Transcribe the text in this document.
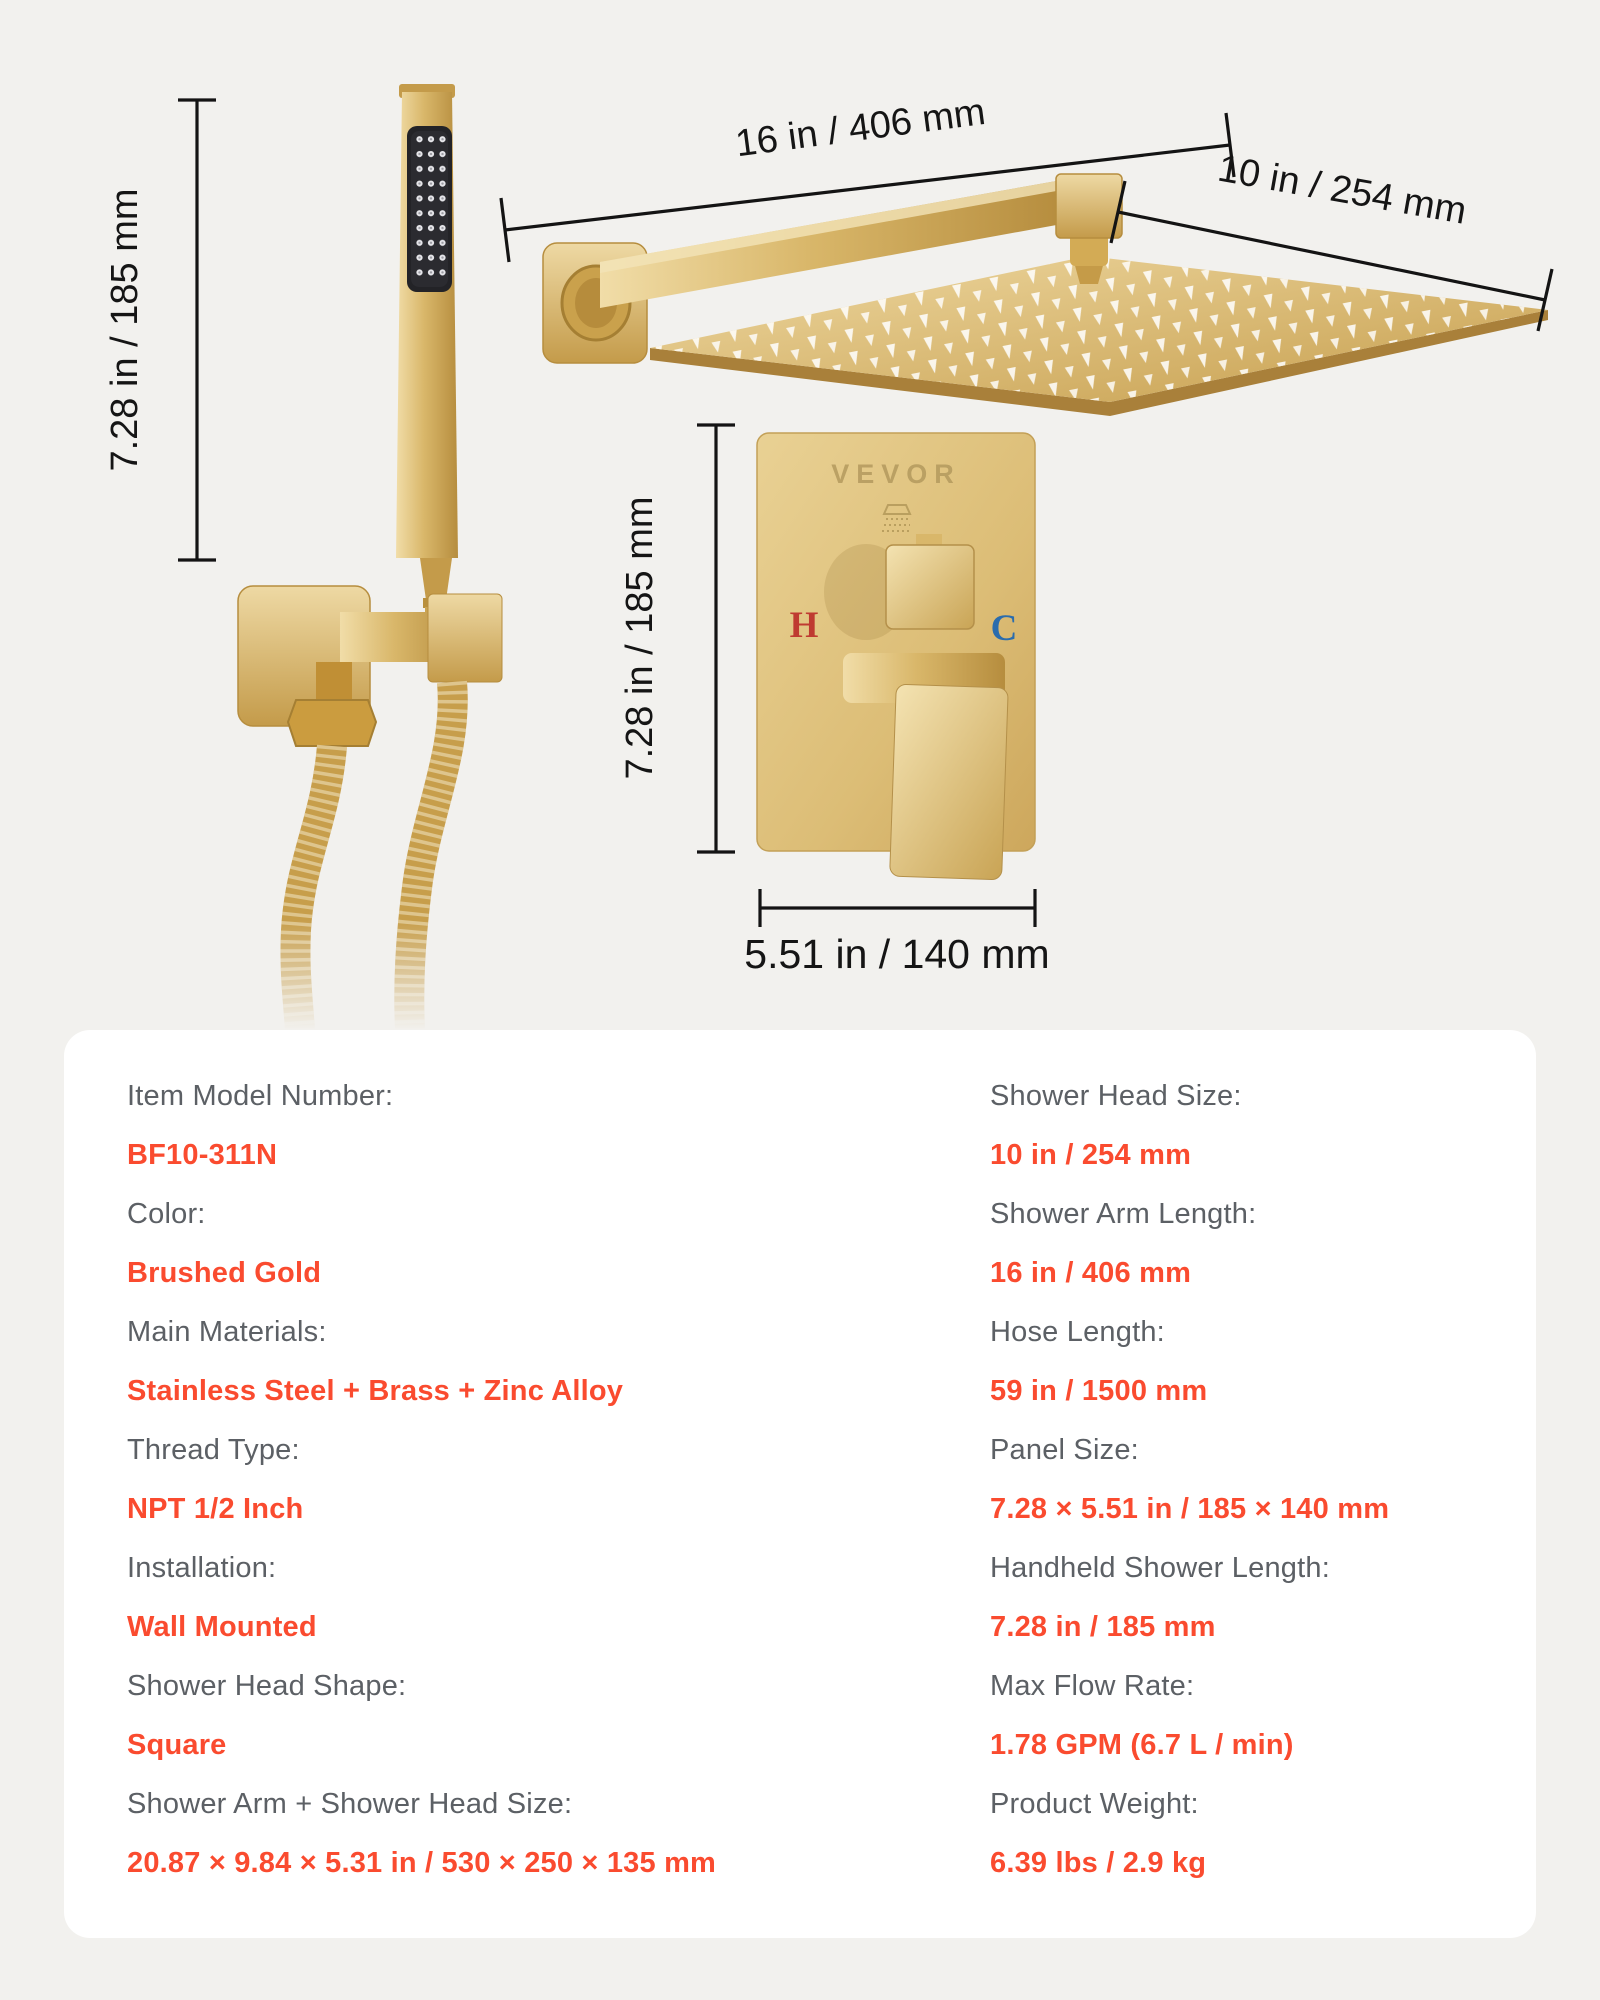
VEVOR
H	C
7.28 in / 185 mm
16 in / 406 mm
10 in / 254 mm
7.28 in / 185 mm
5.51 in / 140 mm
Item Model Number:
BF10-311N
Color:
Brushed Gold
Main Materials:
Stainless Steel + Brass + Zinc Alloy
Thread Type:
NPT 1/2 Inch
Installation:
Wall Mounted
Shower Head Shape:
Square
Shower Arm + Shower Head Size:
20.87 × 9.84 × 5.31 in / 530 × 250 × 135 mm
Shower Head Size:
10 in / 254 mm
Shower Arm Length:
16 in / 406 mm
Hose Length:
59 in / 1500 mm
Panel Size:
7.28 × 5.51 in / 185 × 140 mm
Handheld Shower Length:
7.28 in / 185 mm
Max Flow Rate:
1.78 GPM (6.7 L / min)
Product Weight:
6.39 lbs / 2.9 kg
